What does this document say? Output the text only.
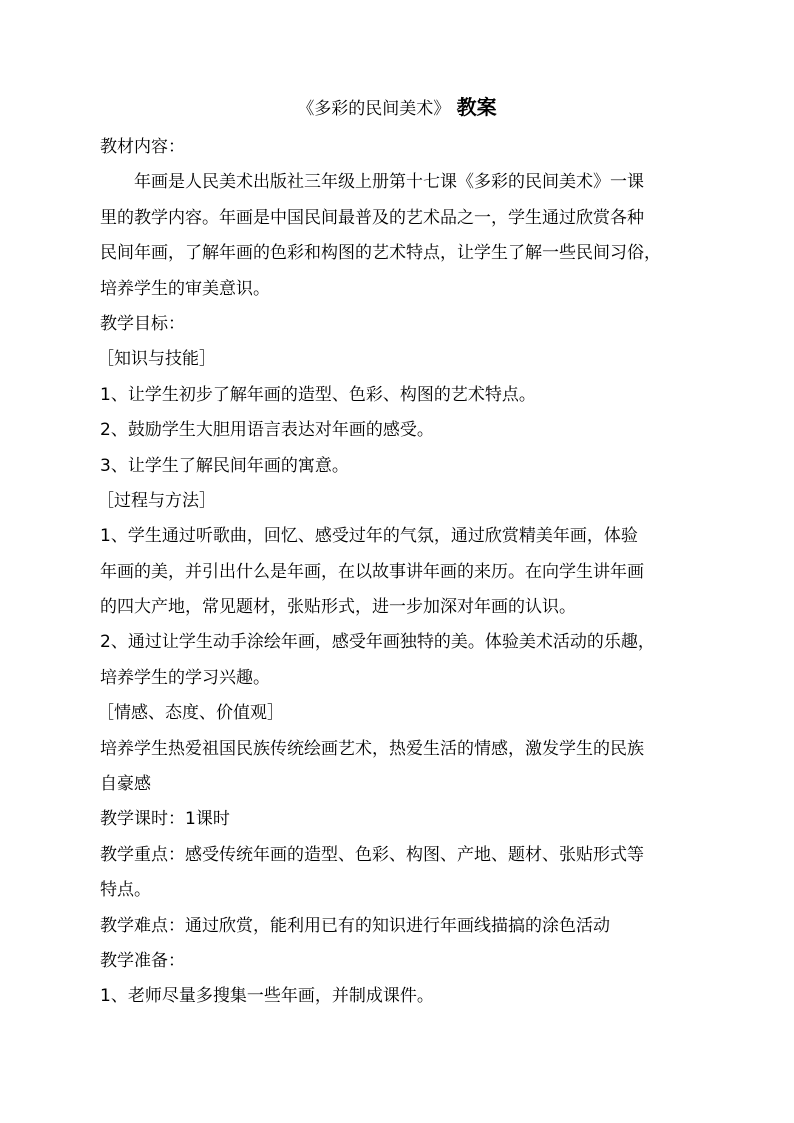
《多彩的民间美术》 教案
教材内容：
年画是人民美术出版社三年级上册第十七课《多彩的民间美术》一课
里的教学内容。年画是中国民间最普及的艺术品之一，学生通过欣赏各种
民间年画，了解年画的色彩和构图的艺术特点，让学生了解一些民间习俗，
培养学生的审美意识。
教学目标：
［知识与技能］
1、让学生初步了解年画的造型、色彩、构图的艺术特点。
2、鼓励学生大胆用语言表达对年画的感受。
3、让学生了解民间年画的寓意。
［过程与方法］
1、学生通过听歌曲，回忆、感受过年的气氛，通过欣赏精美年画，体验
年画的美，并引出什么是年画，在以故事讲年画的来历。在向学生讲年画
的四大产地，常见题材，张贴形式，进一步加深对年画的认识。
2、通过让学生动手涂绘年画，感受年画独特的美。体验美术活动的乐趣，
培养学生的学习兴趣。
［情感、态度、价值观］
培养学生热爱祖国民族传统绘画艺术，热爱生活的情感，激发学生的民族
自豪感
教学课时：1课时
教学重点：感受传统年画的造型、色彩、构图、产地、题材、张贴形式等
特点。
教学难点：通过欣赏，能利用已有的知识进行年画线描搞的涂色活动
教学准备：
1、老师尽量多搜集一些年画，并制成课件。
